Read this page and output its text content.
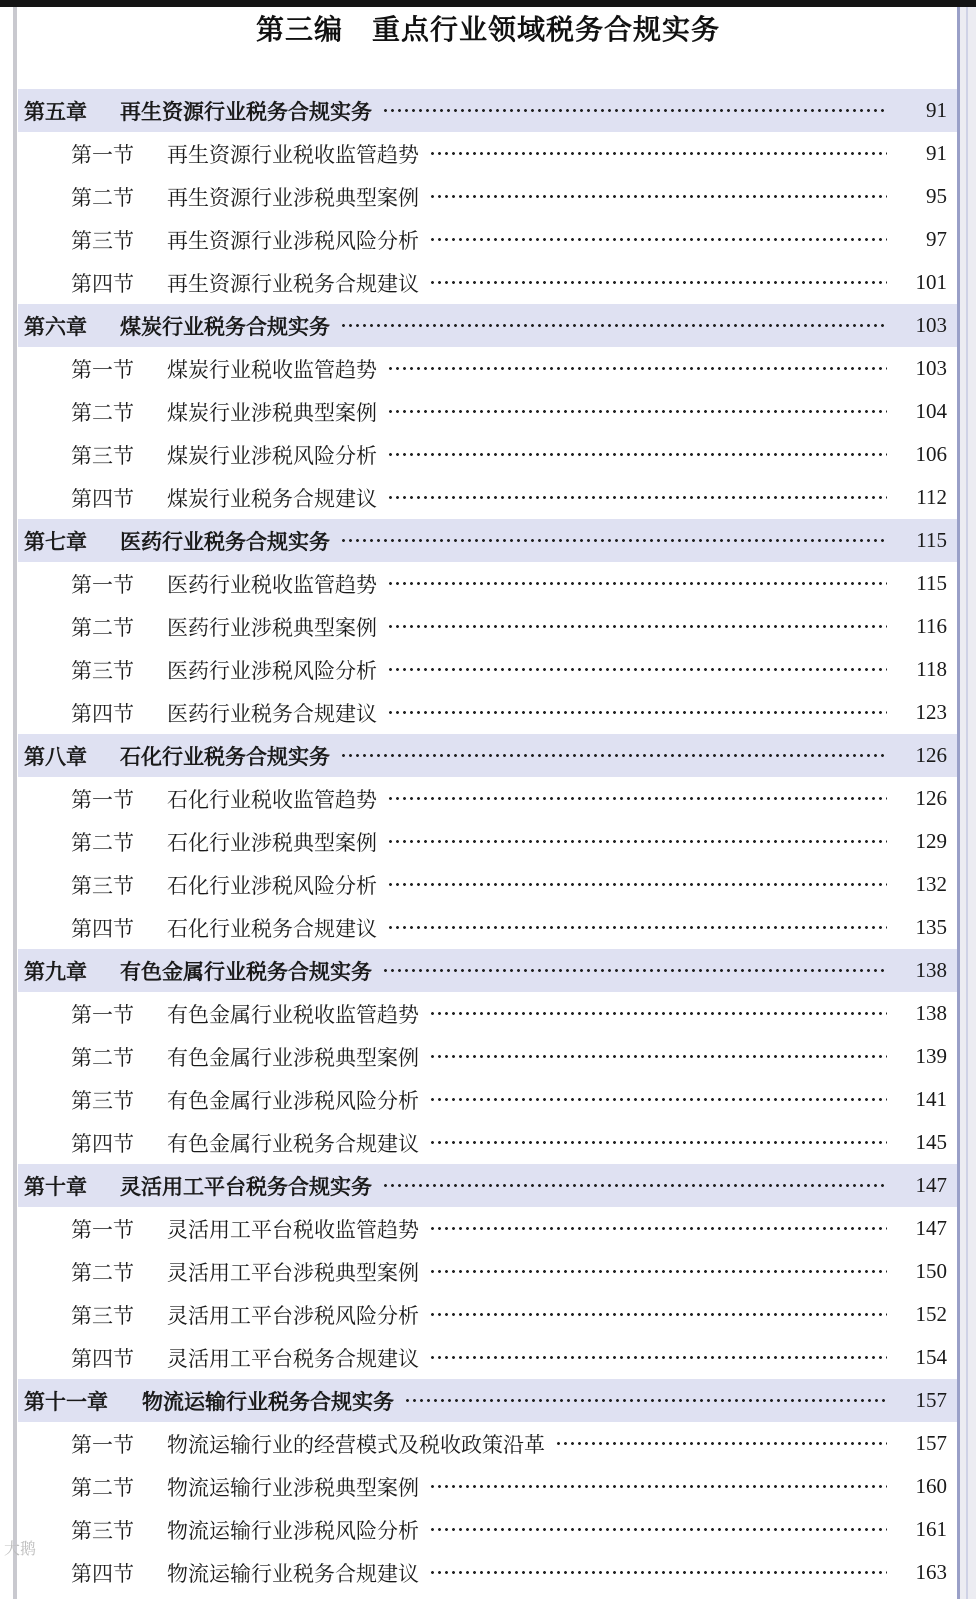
第三编　重点行业领域税务合规实务
第五章	再生资源行业税务合规实务	91
第一节	再生资源行业税收监管趋势	91
第二节	再生资源行业涉税典型案例	95
第三节	再生资源行业涉税风险分析	97
第四节	再生资源行业税务合规建议	101
第六章	煤炭行业税务合规实务	103
第一节	煤炭行业税收监管趋势	103
第二节	煤炭行业涉税典型案例	104
第三节	煤炭行业涉税风险分析	106
第四节	煤炭行业税务合规建议	112
第七章	医药行业税务合规实务	115
第一节	医药行业税收监管趋势	115
第二节	医药行业涉税典型案例	116
第三节	医药行业涉税风险分析	118
第四节	医药行业税务合规建议	123
第八章	石化行业税务合规实务	126
第一节	石化行业税收监管趋势	126
第二节	石化行业涉税典型案例	129
第三节	石化行业涉税风险分析	132
第四节	石化行业税务合规建议	135
第九章	有色金属行业税务合规实务	138
第一节	有色金属行业税收监管趋势	138
第二节	有色金属行业涉税典型案例	139
第三节	有色金属行业涉税风险分析	141
第四节	有色金属行业税务合规建议	145
第十章	灵活用工平台税务合规实务	147
第一节	灵活用工平台税收监管趋势	147
第二节	灵活用工平台涉税典型案例	150
第三节	灵活用工平台涉税风险分析	152
第四节	灵活用工平台税务合规建议	154
第十一章	物流运输行业税务合规实务	157
第一节	物流运输行业的经营模式及税收政策沿革	157
第二节	物流运输行业涉税典型案例	160
第三节	物流运输行业涉税风险分析	161
第四节	物流运输行业税务合规建议	163
大鹅
